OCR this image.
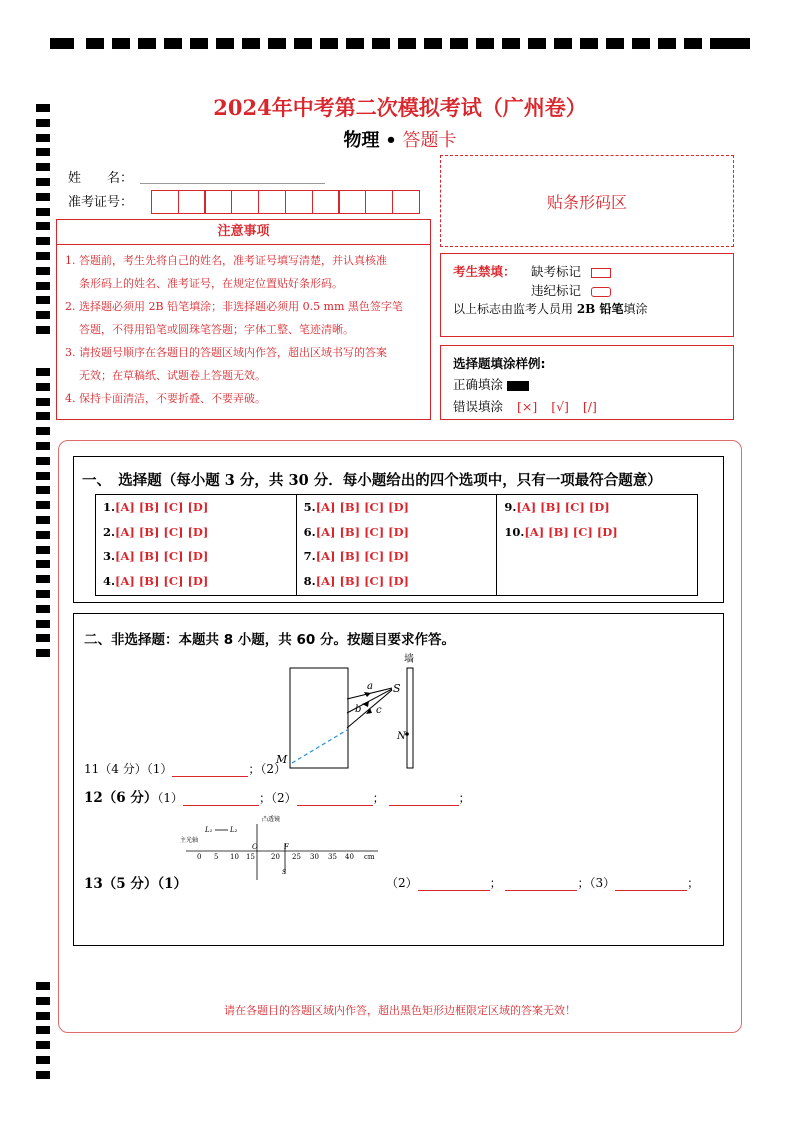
2024年中考第二次模拟考试（广州卷）
物理 • 答题卡
姓　　名：
准考证号：	贴条形码区
注意事项
1. 答题前，考生先将自己的姓名，准考证号填写清楚，并认真核准
条形码上的姓名、准考证号，在规定位置贴好条形码。
2. 选择题必须用 2B 铅笔填涂；非选择题必须用 0.5 mm 黑色签字笔
答题，不得用铅笔或圆珠笔答题；字体工整、笔迹清晰。
3. 请按题号顺序在各题目的答题区域内作答，超出区域书写的答案
无效；在草稿纸、试题卷上答题无效。
4. 保持卡面清洁，不要折叠、不要弄破。
考生禁填： 缺考标记
违纪标记
以上标志由监考人员用 2B 铅笔填涂
选择题填涂样例:
正确填涂
错误填涂 [×] [√] [/]
一、　选择题（每小题 3 分，共 30 分．每小题给出的四个选项中，只有一项最符合题意）
1.[A] [B] [C] [D]
2.[A] [B] [C] [D]
3.[A] [B] [C] [D]
4.[A] [B] [C] [D]
5.[A] [B] [C] [D]
6.[A] [B] [C] [D]
7.[A] [B] [C] [D]
8.[A] [B] [C] [D]
9.[A] [B] [C] [D]
10.[A] [B] [C] [D]
二、非选择题：本题共 8 小题，共 60 分。按题目要求作答。
墙
S
N
M
a
b c
11（4 分）（1）	；（2）
12（6 分）（1）	；（2）	；	；
主光轴
凸透镜
L₁	L₂
O	F
S
0 5 10 15 20 25 30 35 40 cm
13（5 分）（1）	（2）	；	；（3）	；
请在各题目的答题区域内作答，超出黑色矩形边框限定区域的答案无效！
